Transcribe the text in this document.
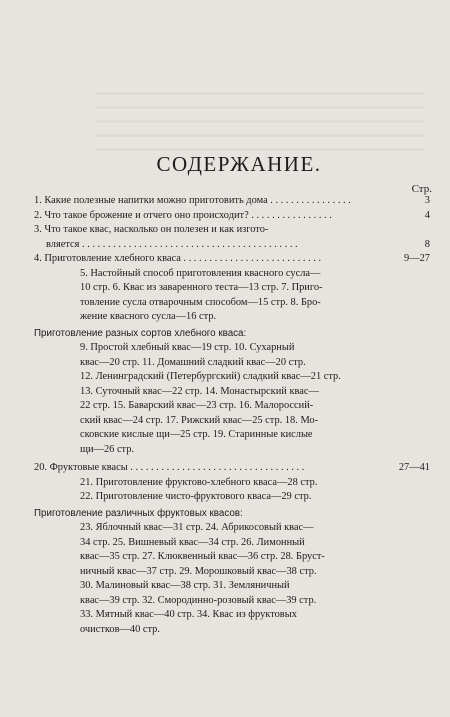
СОДЕРЖАНИЕ.
Стр.
1. Какие полезные напитки можно приготовить дома . . . . . . . . . . . . . . . .	3
2. Что такое брожение и отчего оно происходит? . . . . . . . . . . . . . . . .	4
3. Что такое квас, насколько он полезен и как изгото-
вляется . . . . . . . . . . . . . . . . . . . . . . . . . . . . . . . . . . . . . . . . . .	8
4. Приготовление хлебного кваса . . . . . . . . . . . . . . . . . . . . . . . . . . .	9—27
5. Настойный способ приготовления квасного сусла—
10 стр. 6. Квас из заваренного теста—13 стр. 7. Приго-
товление сусла отварочным способом—15 стр. 8. Бро-
жение квасного сусла—16 стр.
Приготовление разных сортов хлебного кваса:
9. Простой хлебный квас—19 стр. 10. Сухарный
квас—20 стр. 11. Домашний сладкий квас—20 стр.
12. Ленинградский (Петербургский) сладкий квас—21 стр.
13. Суточный квас—22 стр. 14. Монастырский квас—
22 стр. 15. Баварский квас—23 стр. 16. Малороссий-
ский квас—24 стр. 17. Рижский квас—25 стр. 18. Мо-
сковские кислые щи—25 стр. 19. Старинные кислые
щи—26 стр.
20. Фруктовые квасы . . . . . . . . . . . . . . . . . . . . . . . . . . . . . . . . . .	27—41
21. Приготовление фруктово-хлебного кваса—28 стр.
22. Приготовление чисто-фруктового кваса—29 стр.
Приготовление различных фруктовых квасов:
23. Яблочный квас—31 стр. 24. Абрикосовый квас—
34 стр. 25. Вишневый квас—34 стр. 26. Лимонный
квас—35 стр. 27. Клюквенный квас—36 стр. 28. Бруст-
ничный квас—37 стр. 29. Морошковый квас—38 стр.
30. Малиновый квас—38 стр. 31. Земляничный
квас—39 стр. 32. Смородинно-розовый квас—39 стр.
33. Мятный квас—40 стр. 34. Квас из фруктовых
очистков—40 стр.
